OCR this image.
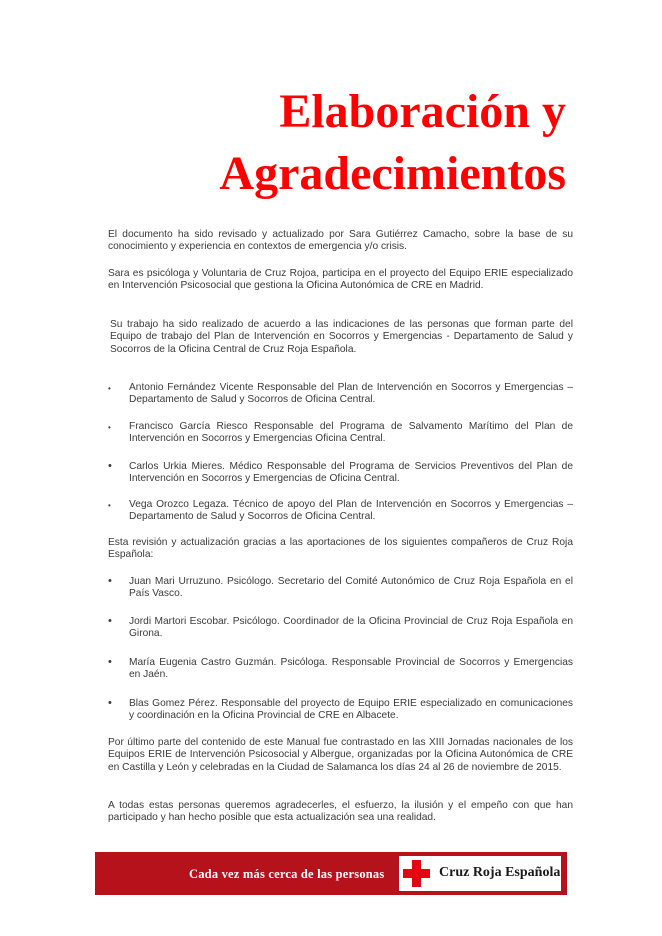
Elaboración y
Agradecimientos

El documento ha sido revisado y actualizado por Sara Gutiérrez Camacho, sobre la base de su conocimiento y experiencia en contextos de emergencia y/o crisis.

Sara es psicóloga y Voluntaria de Cruz Rojoa, participa en el proyecto del Equipo ERIE especializado en Intervención Psicosocial que gestiona la Oficina Autonómica de CRE en Madrid.

Su trabajo ha sido realizado de acuerdo a las indicaciones de las personas que forman parte del Equipo de trabajo del Plan de Intervención en Socorros y Emergencias - Departamento de Salud y Socorros de la Oficina Central de Cruz Roja Española.

• Antonio Fernández Vicente Responsable del Plan de Intervención en Socorros y Emergencias – Departamento de Salud y Socorros de Oficina Central.

• Francisco García Riesco Responsable del Programa de Salvamento Marítimo del Plan de Intervención en Socorros y Emergencias Oficina Central.

• Carlos Urkia Mieres. Médico Responsable del Programa de Servicios Preventivos del Plan de Intervención en Socorros y Emergencias de Oficina Central.

• Vega Orozco Legaza. Técnico de apoyo del Plan de Intervención en Socorros y Emergencias – Departamento de Salud y Socorros de Oficina Central.

Esta revisión y actualización gracias a las aportaciones de los siguientes compañeros de Cruz Roja Española:

• Juan Mari Urruzuno. Psicólogo. Secretario del Comité Autonómico de Cruz Roja Española en el País Vasco.

• Jordi Martori Escobar. Psicólogo. Coordinador de la Oficina Provincial de Cruz Roja Española en Girona.

• María Eugenia Castro Guzmán. Psicóloga. Responsable Provincial de Socorros y Emergencias en Jaén.

• Blas Gomez Pérez. Responsable del proyecto de Equipo ERIE especializado en comunicaciones y coordinación en la Oficina Provincial de CRE en Albacete.

Por último parte del contenido de este Manual fue contrastado en las XIII Jornadas nacionales de los Equipos ERIE de Intervención Psicosocial y Albergue, organizadas por la Oficina Autonómica de CRE en Castilla y León y celebradas en la Ciudad de Salamanca los días 24 al 26 de noviembre de 2015.

A todas estas personas queremos agradecerles, el esfuerzo, la ilusión y el empeño con que han participado y han hecho posible que esta actualización sea una realidad.

Cada vez más cerca de las personas	Cruz Roja Española
